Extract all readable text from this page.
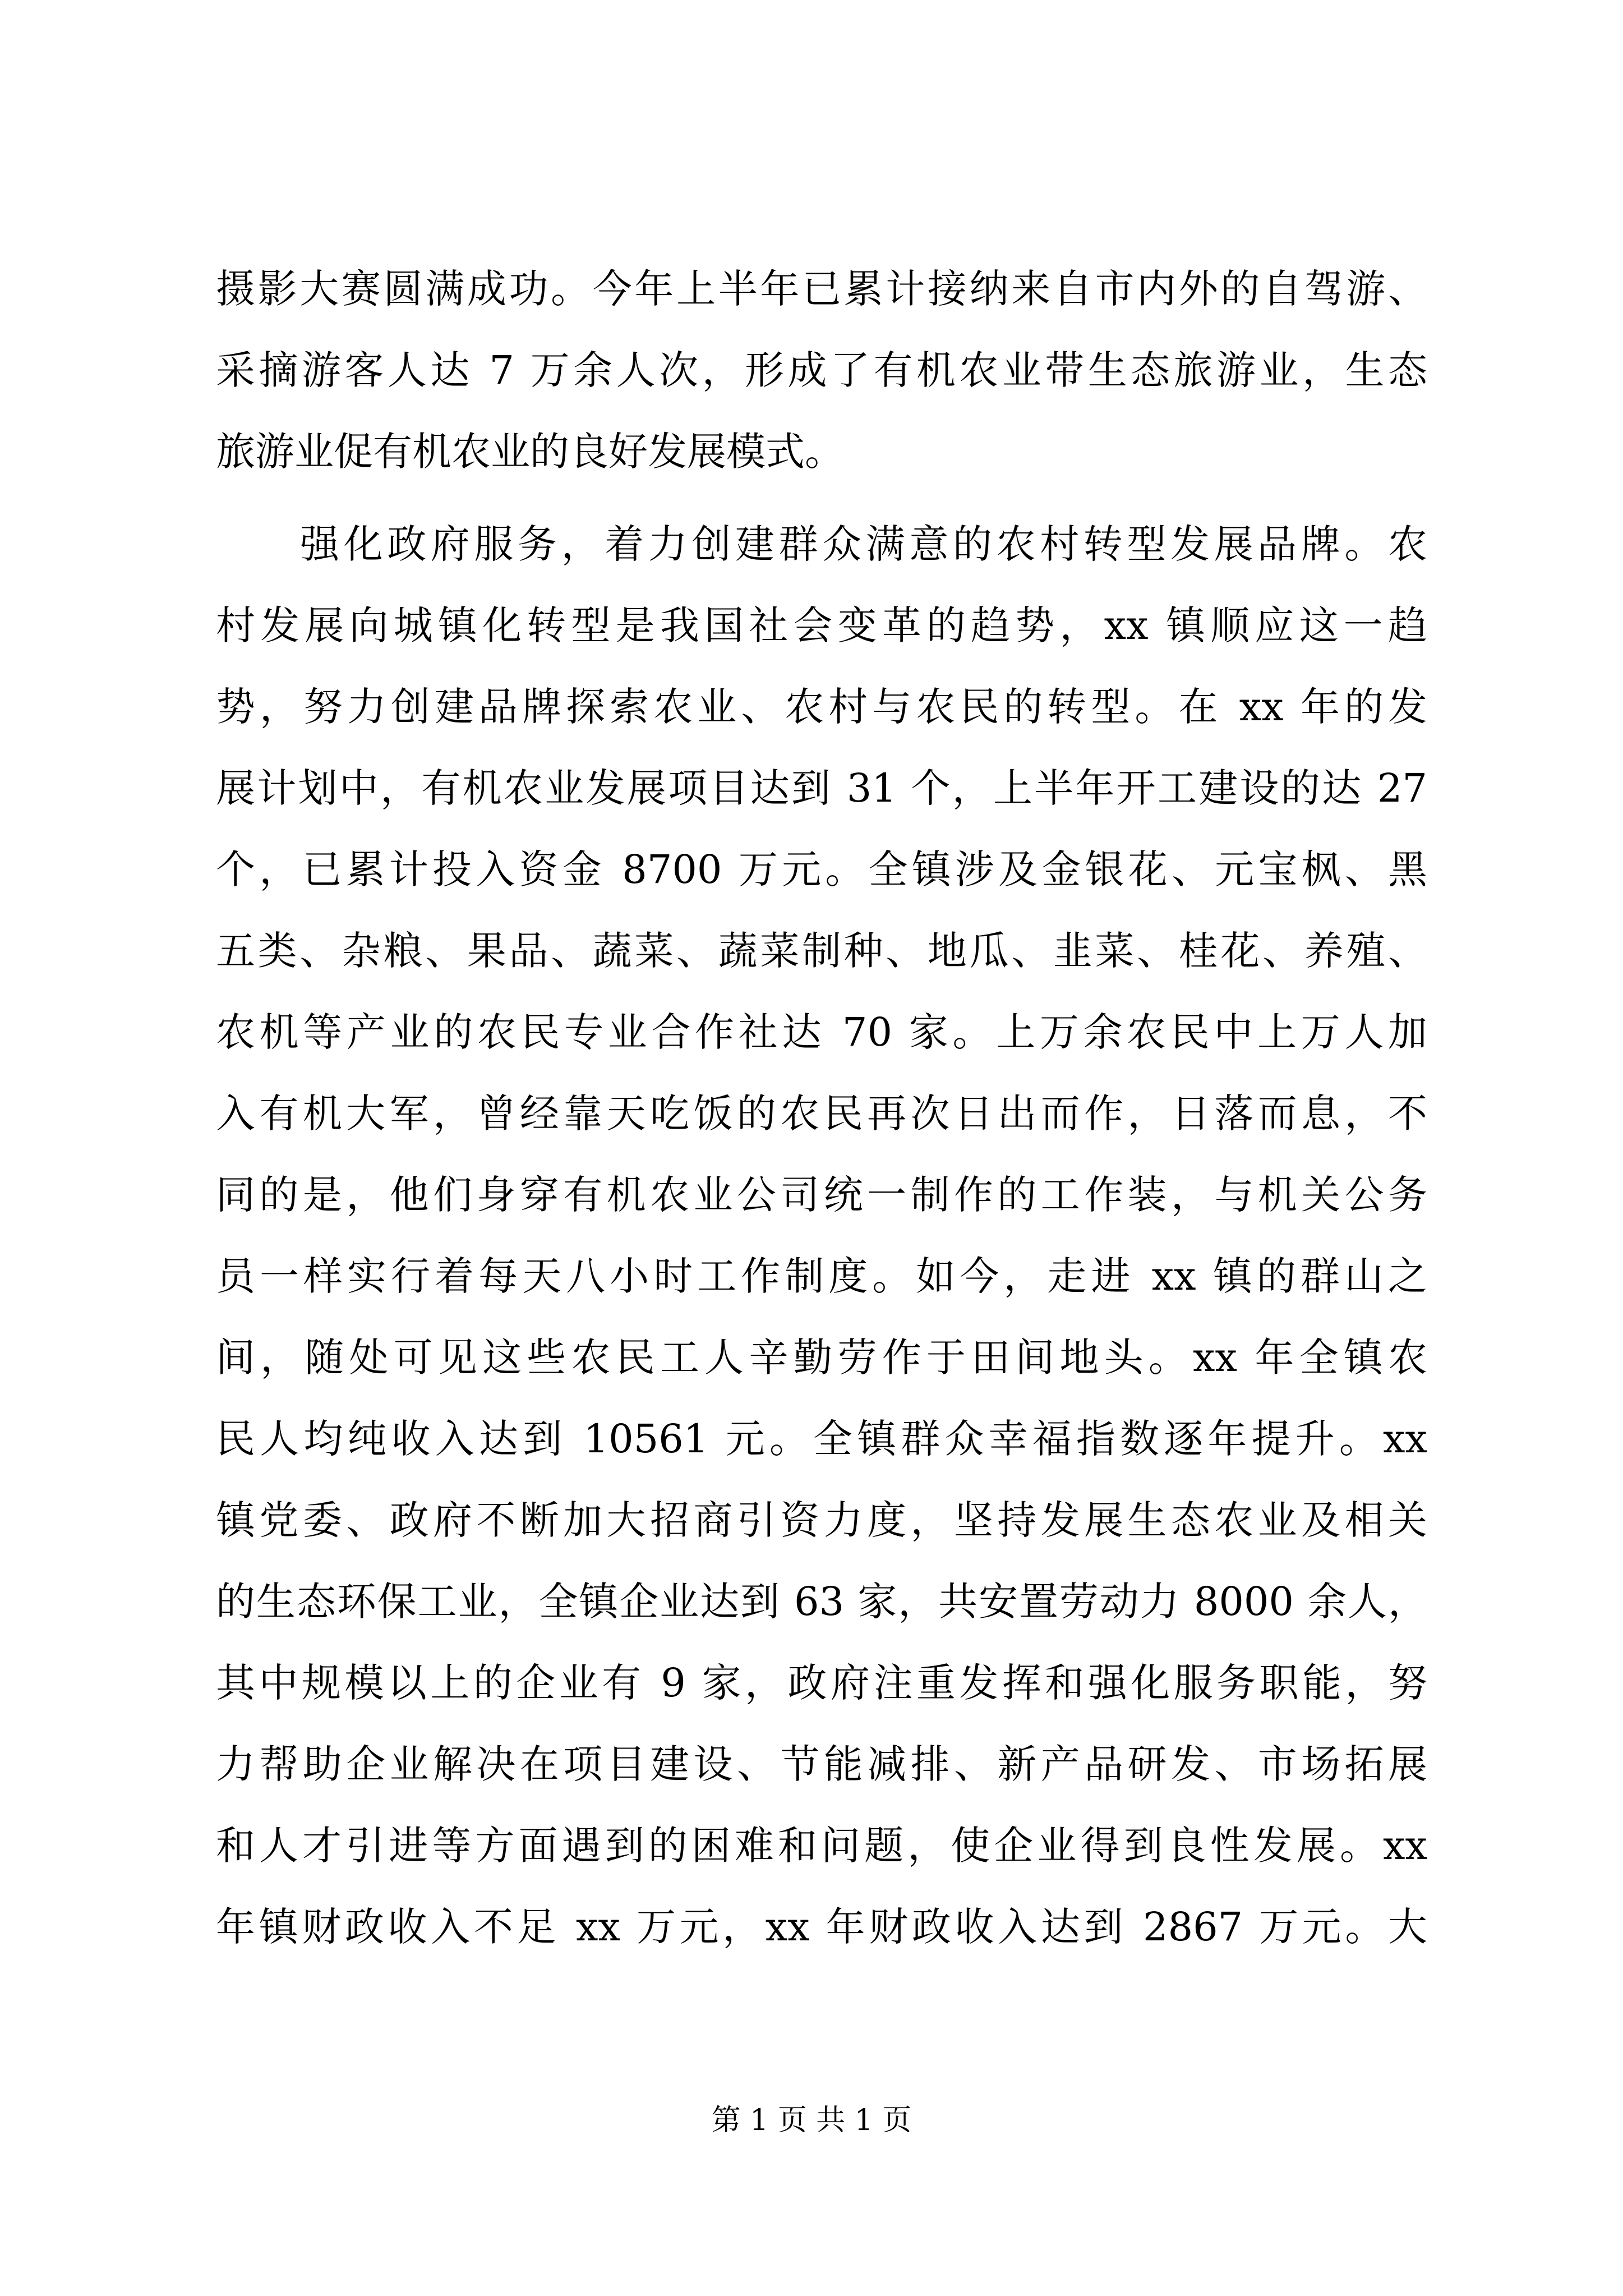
摄影大赛圆满成功。今年上半年已累计接纳来自市内外的自驾游、
采摘游客人达 7 万余人次，形成了有机农业带生态旅游业，生态
旅游业促有机农业的良好发展模式。
强化政府服务，着力创建群众满意的农村转型发展品牌。农
村发展向城镇化转型是我国社会变革的趋势，xx 镇顺应这一趋
势，努力创建品牌探索农业、农村与农民的转型。在 xx 年的发
展计划中，有机农业发展项目达到 31 个，上半年开工建设的达 27
个，已累计投入资金 8700 万元。全镇涉及金银花、元宝枫、黑
五类、杂粮、果品、蔬菜、蔬菜制种、地瓜、韭菜、桂花、养殖、
农机等产业的农民专业合作社达 70 家。上万余农民中上万人加
入有机大军，曾经靠天吃饭的农民再次日出而作，日落而息，不
同的是，他们身穿有机农业公司统一制作的工作装，与机关公务
员一样实行着每天八小时工作制度。如今，走进 xx 镇的群山之
间，随处可见这些农民工人辛勤劳作于田间地头。xx 年全镇农
民人均纯收入达到 10561 元。全镇群众幸福指数逐年提升。xx
镇党委、政府不断加大招商引资力度，坚持发展生态农业及相关
的生态环保工业，全镇企业达到 63 家，共安置劳动力 8000 余人，
其中规模以上的企业有 9 家，政府注重发挥和强化服务职能，努
力帮助企业解决在项目建设、节能减排、新产品研发、市场拓展
和人才引进等方面遇到的困难和问题，使企业得到良性发展。xx
年镇财政收入不足 xx 万元，xx 年财政收入达到 2867 万元。大
第 1 页 共 1 页
